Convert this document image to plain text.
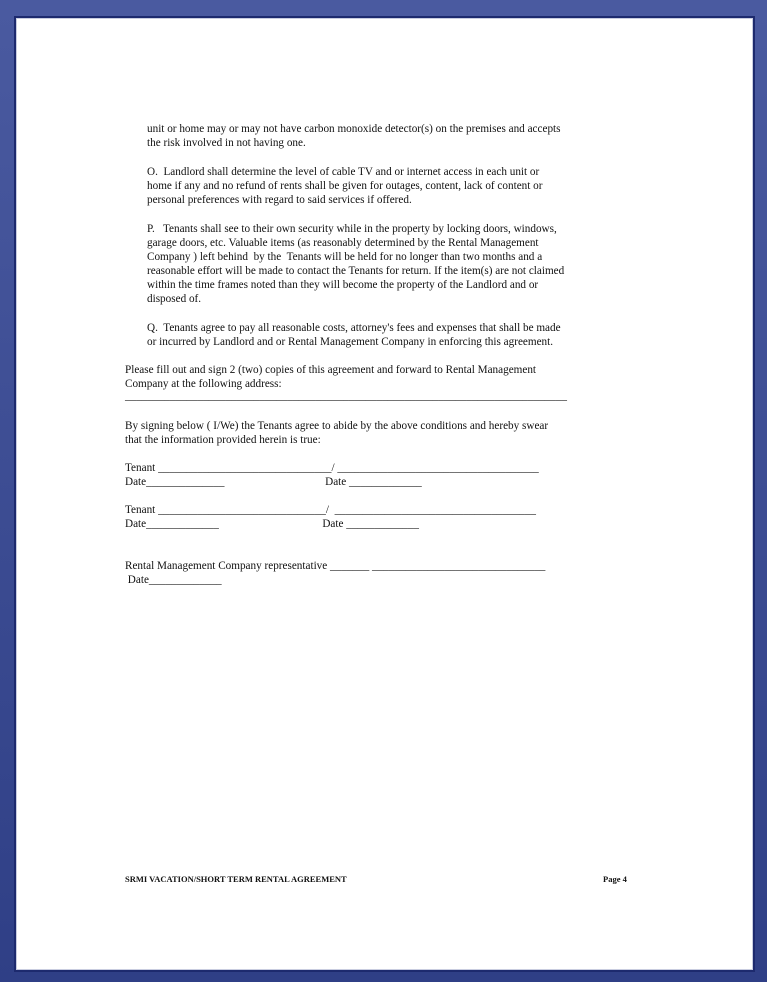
unit or home may or may not have carbon monoxide detector(s) on the premises and accepts

the risk involved in not having one.

O.  Landlord shall determine the level of cable TV and or internet access in each unit or

home if any and no refund of rents shall be given for outages, content, lack of content or

personal preferences with regard to said services if offered.

P.   Tenants shall see to their own security while in the property by locking doors, windows,

garage doors, etc. Valuable items (as reasonably determined by the Rental Management

Company ) left behind  by the  Tenants will be held for no longer than two months and a

reasonable effort will be made to contact the Tenants for return. If the item(s) are not claimed

within the time frames noted than they will become the property of the Landlord and or

disposed of.

Q.  Tenants agree to pay all reasonable costs, attorney's fees and expenses that shall be made

or incurred by Landlord and or Rental Management Company in enforcing this agreement.

Please fill out and sign 2 (two) copies of this agreement and forward to Rental Management

Company at the following address:

_______________________________________________________________________________

By signing below ( I/We) the Tenants agree to abide by the above conditions and hereby swear

that the information provided herein is true:

Tenant _______________________________/ ____________________________________

Date______________                                    Date _____________

Tenant ______________________________/  ____________________________________

Date_____________                                     Date _____________

Rental Management Company representative _______ _______________________________

Date_____________

SRMI VACATION/SHORT TERM RENTAL AGREEMENT	Page 4
